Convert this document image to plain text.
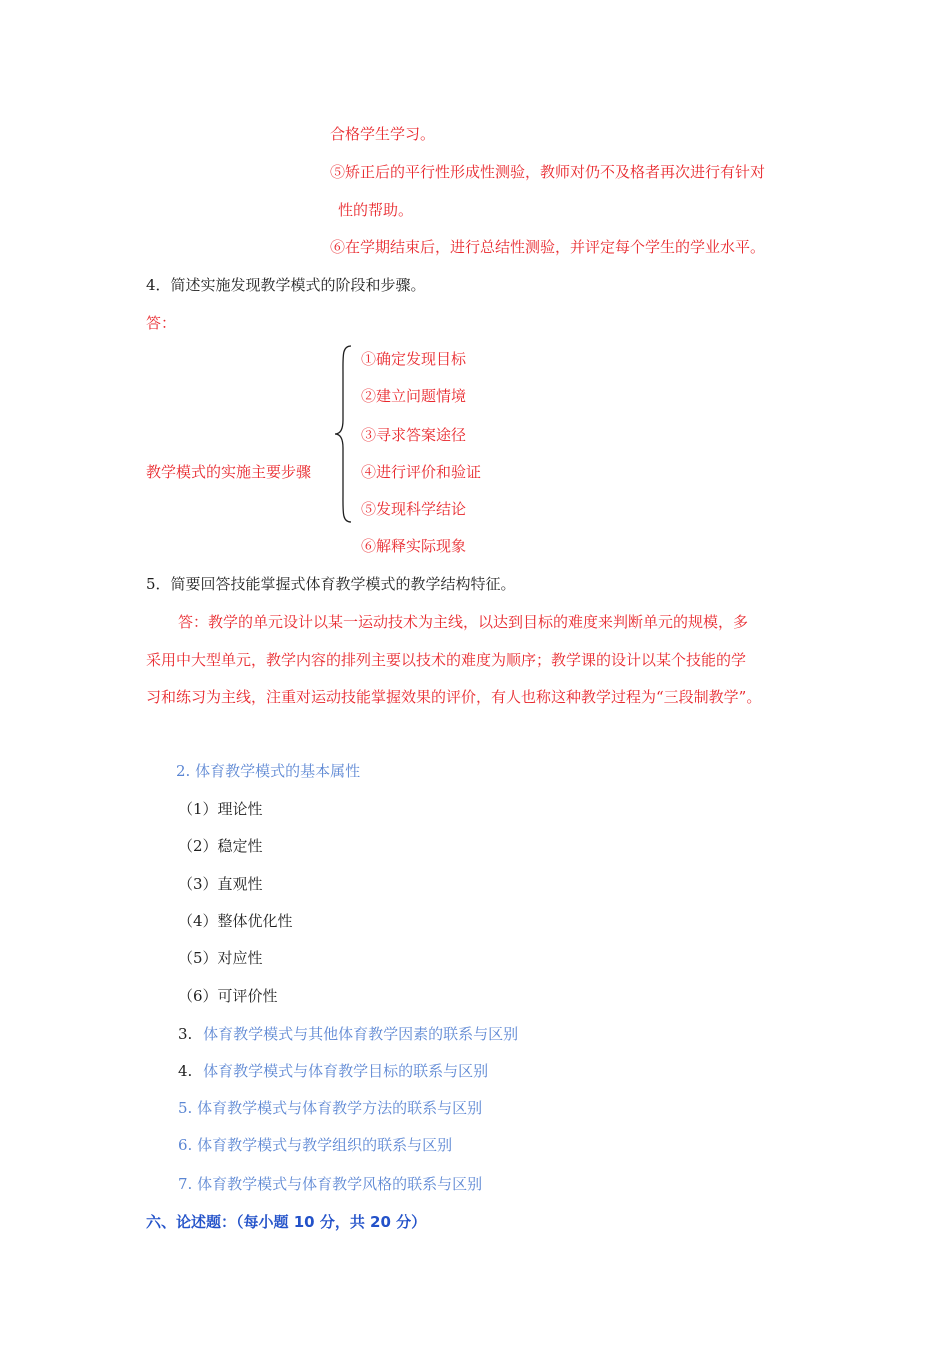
合格学生学习。
⑤矫正后的平行性形成性测验，教师对仍不及格者再次进行有针对
性的帮助。
⑥在学期结束后，进行总结性测验，并评定每个学生的学业水平。
4．简述实施发现教学模式的阶段和步骤。
答：
教学模式的实施主要步骤
①确定发现目标
②建立问题情境
③寻求答案途径
④进行评价和验证
⑤发现科学结论
⑥解释实际现象
5．简要回答技能掌握式体育教学模式的教学结构特征。
答：教学的单元设计以某一运动技术为主线，以达到目标的难度来判断单元的规模，多
采用中大型单元，教学内容的排列主要以技术的难度为顺序；教学课的设计以某个技能的学
习和练习为主线，注重对运动技能掌握效果的评价，有人也称这种教学过程为“三段制教学”。
2. 体育教学模式的基本属性
（1）理论性
（2）稳定性
（3）直观性
（4）整体优化性
（5）对应性
（6）可评价性
3. 体育教学模式与其他体育教学因素的联系与区别
4. 体育教学模式与体育教学目标的联系与区别
5. 体育教学模式与体育教学方法的联系与区别
6. 体育教学模式与教学组织的联系与区别
7. 体育教学模式与体育教学风格的联系与区别
六、论述题：（每小题 10 分，共 20 分）
